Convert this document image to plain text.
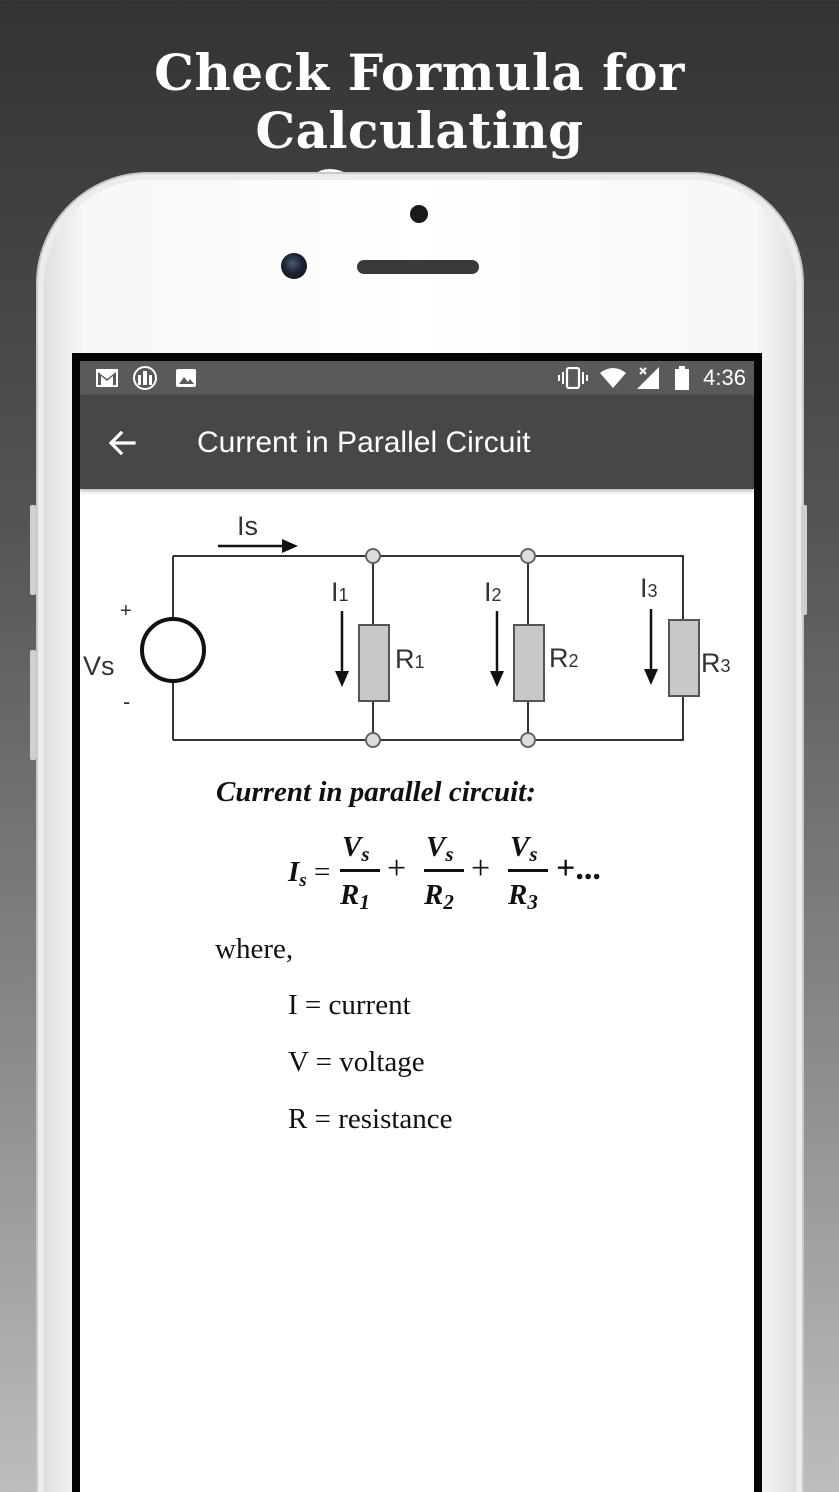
Check Formula for Calculating
4:36
Current in Parallel Circuit
Is
Vs
+
-
I1
R1
I2
R2
I3
R3
Current in parallel circuit:
Is =
Vs
R1
+
Vs
R2
+
Vs
R3
+...
where,
I = current
V = voltage
R = resistance
